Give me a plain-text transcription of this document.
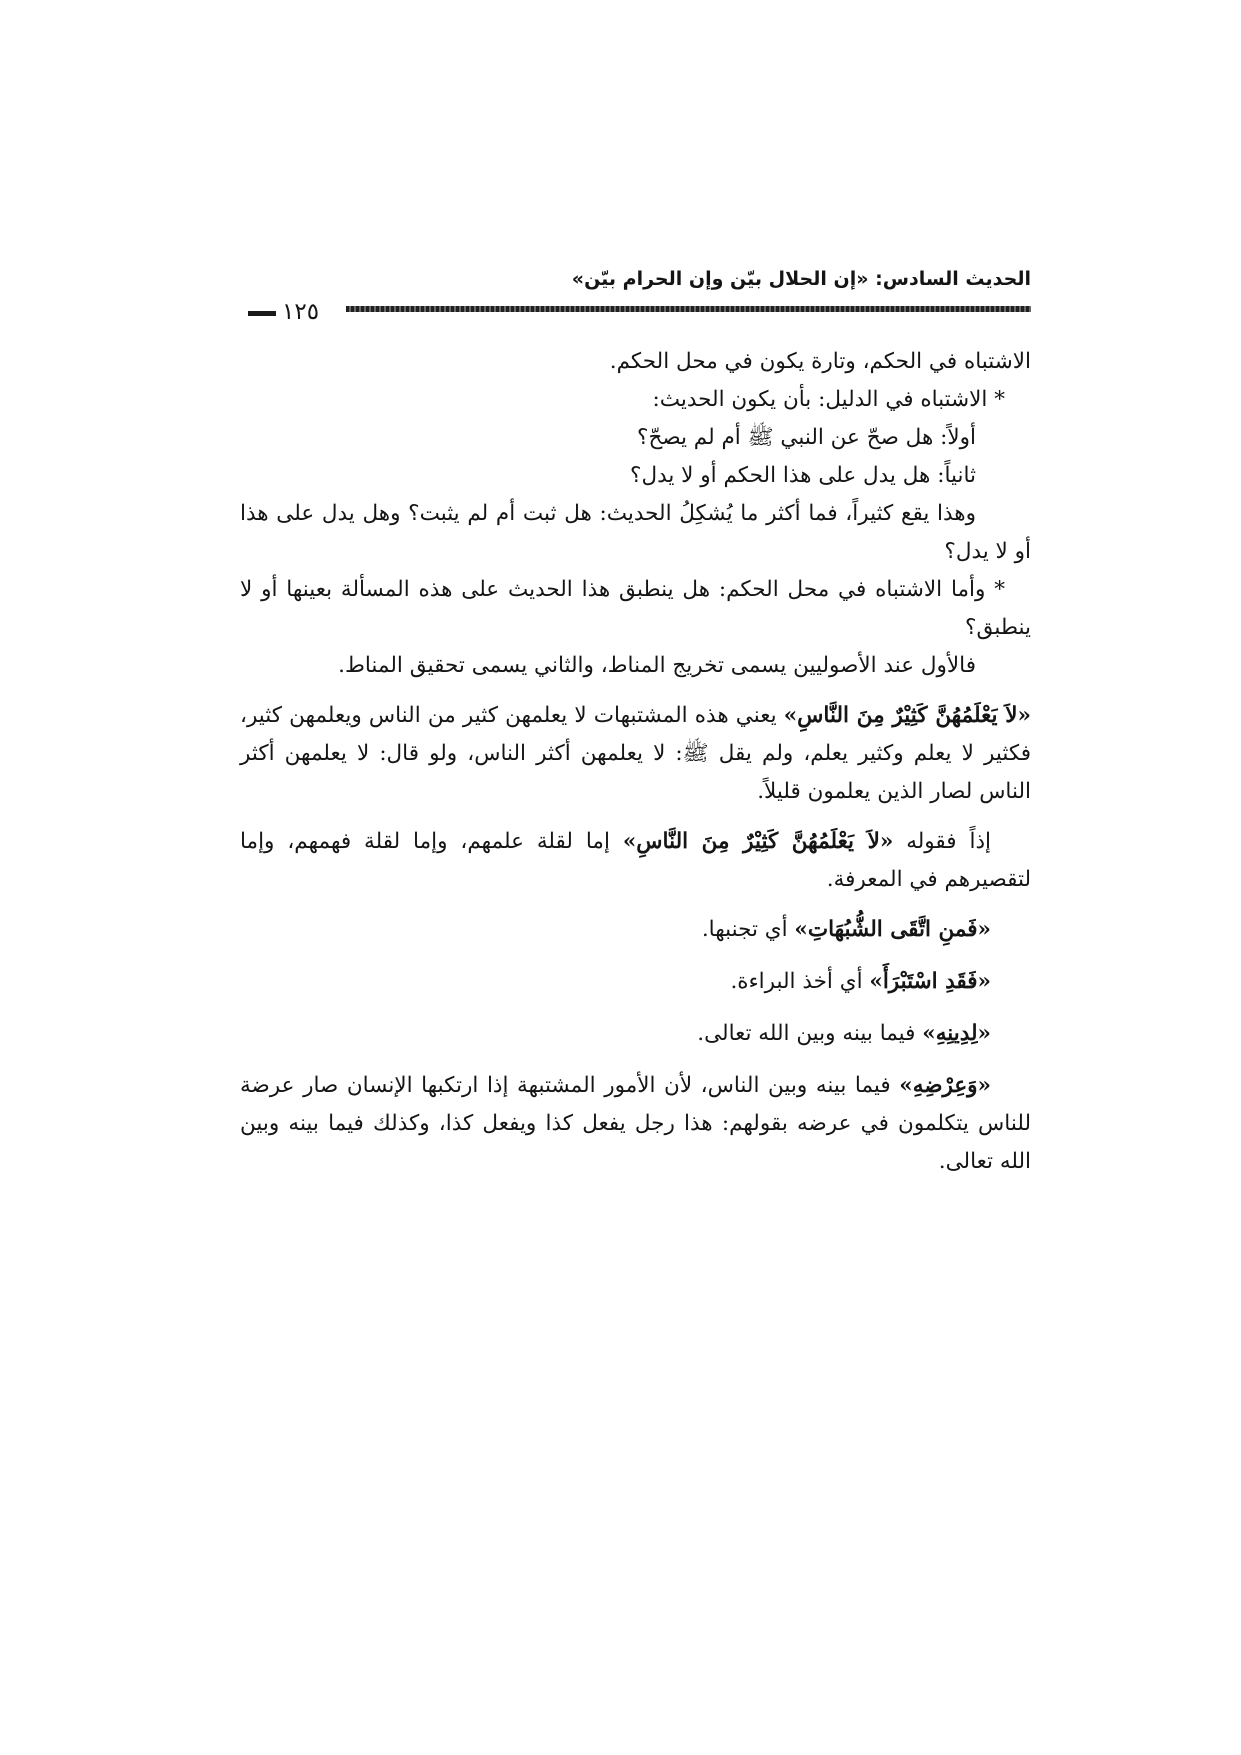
الحديث السادس: «إن الحلال بيّن وإن الحرام بيّن»
١٢٥

الاشتباه في الحكم، وتارة يكون في محل الحكم.

* الاشتباه في الدليل: بأن يكون الحديث:

أولاً: هل صحّ عن النبي ﷺ أم لم يصحّ؟

ثانياً: هل يدل على هذا الحكم أو لا يدل؟

وهذا يقع كثيراً، فما أكثر ما يُشكِلُ الحديث: هل ثبت أم لم يثبت؟ وهل يدل على هذا أو لا يدل؟

* وأما الاشتباه في محل الحكم: هل ينطبق هذا الحديث على هذه المسألة بعينها أو لا ينطبق؟

فالأول عند الأصوليين يسمى تخريج المناط، والثاني يسمى تحقيق المناط.

«لاَ يَعْلَمُهُنَّ كَثِيْرٌ مِنَ النَّاسِ» يعني هذه المشتبهات لا يعلمهن كثير من الناس ويعلمهن كثير، فكثير لا يعلم وكثير يعلم، ولم يقل ﷺ: لا يعلمهن أكثر الناس، ولو قال: لا يعلمهن أكثر الناس لصار الذين يعلمون قليلاً.

إذاً فقوله «لاَ يَعْلَمُهُنَّ كَثِيْرٌ مِنَ النَّاسِ» إما لقلة علمهم، وإما لقلة فهمهم، وإما لتقصيرهم في المعرفة.

«فَمنِ اتَّقَى الشُّبُهَاتِ» أي تجنبها.

«فَقَدِ اسْتَبْرَأَ» أي أخذ البراءة.

«لِدِينِهِ» فيما بينه وبين الله تعالى.

«وَعِرْضِهِ» فيما بينه وبين الناس، لأن الأمور المشتبهة إذا ارتكبها الإنسان صار عرضة للناس يتكلمون في عرضه بقولهم: هذا رجل يفعل كذا ويفعل كذا، وكذلك فيما بينه وبين الله تعالى.
